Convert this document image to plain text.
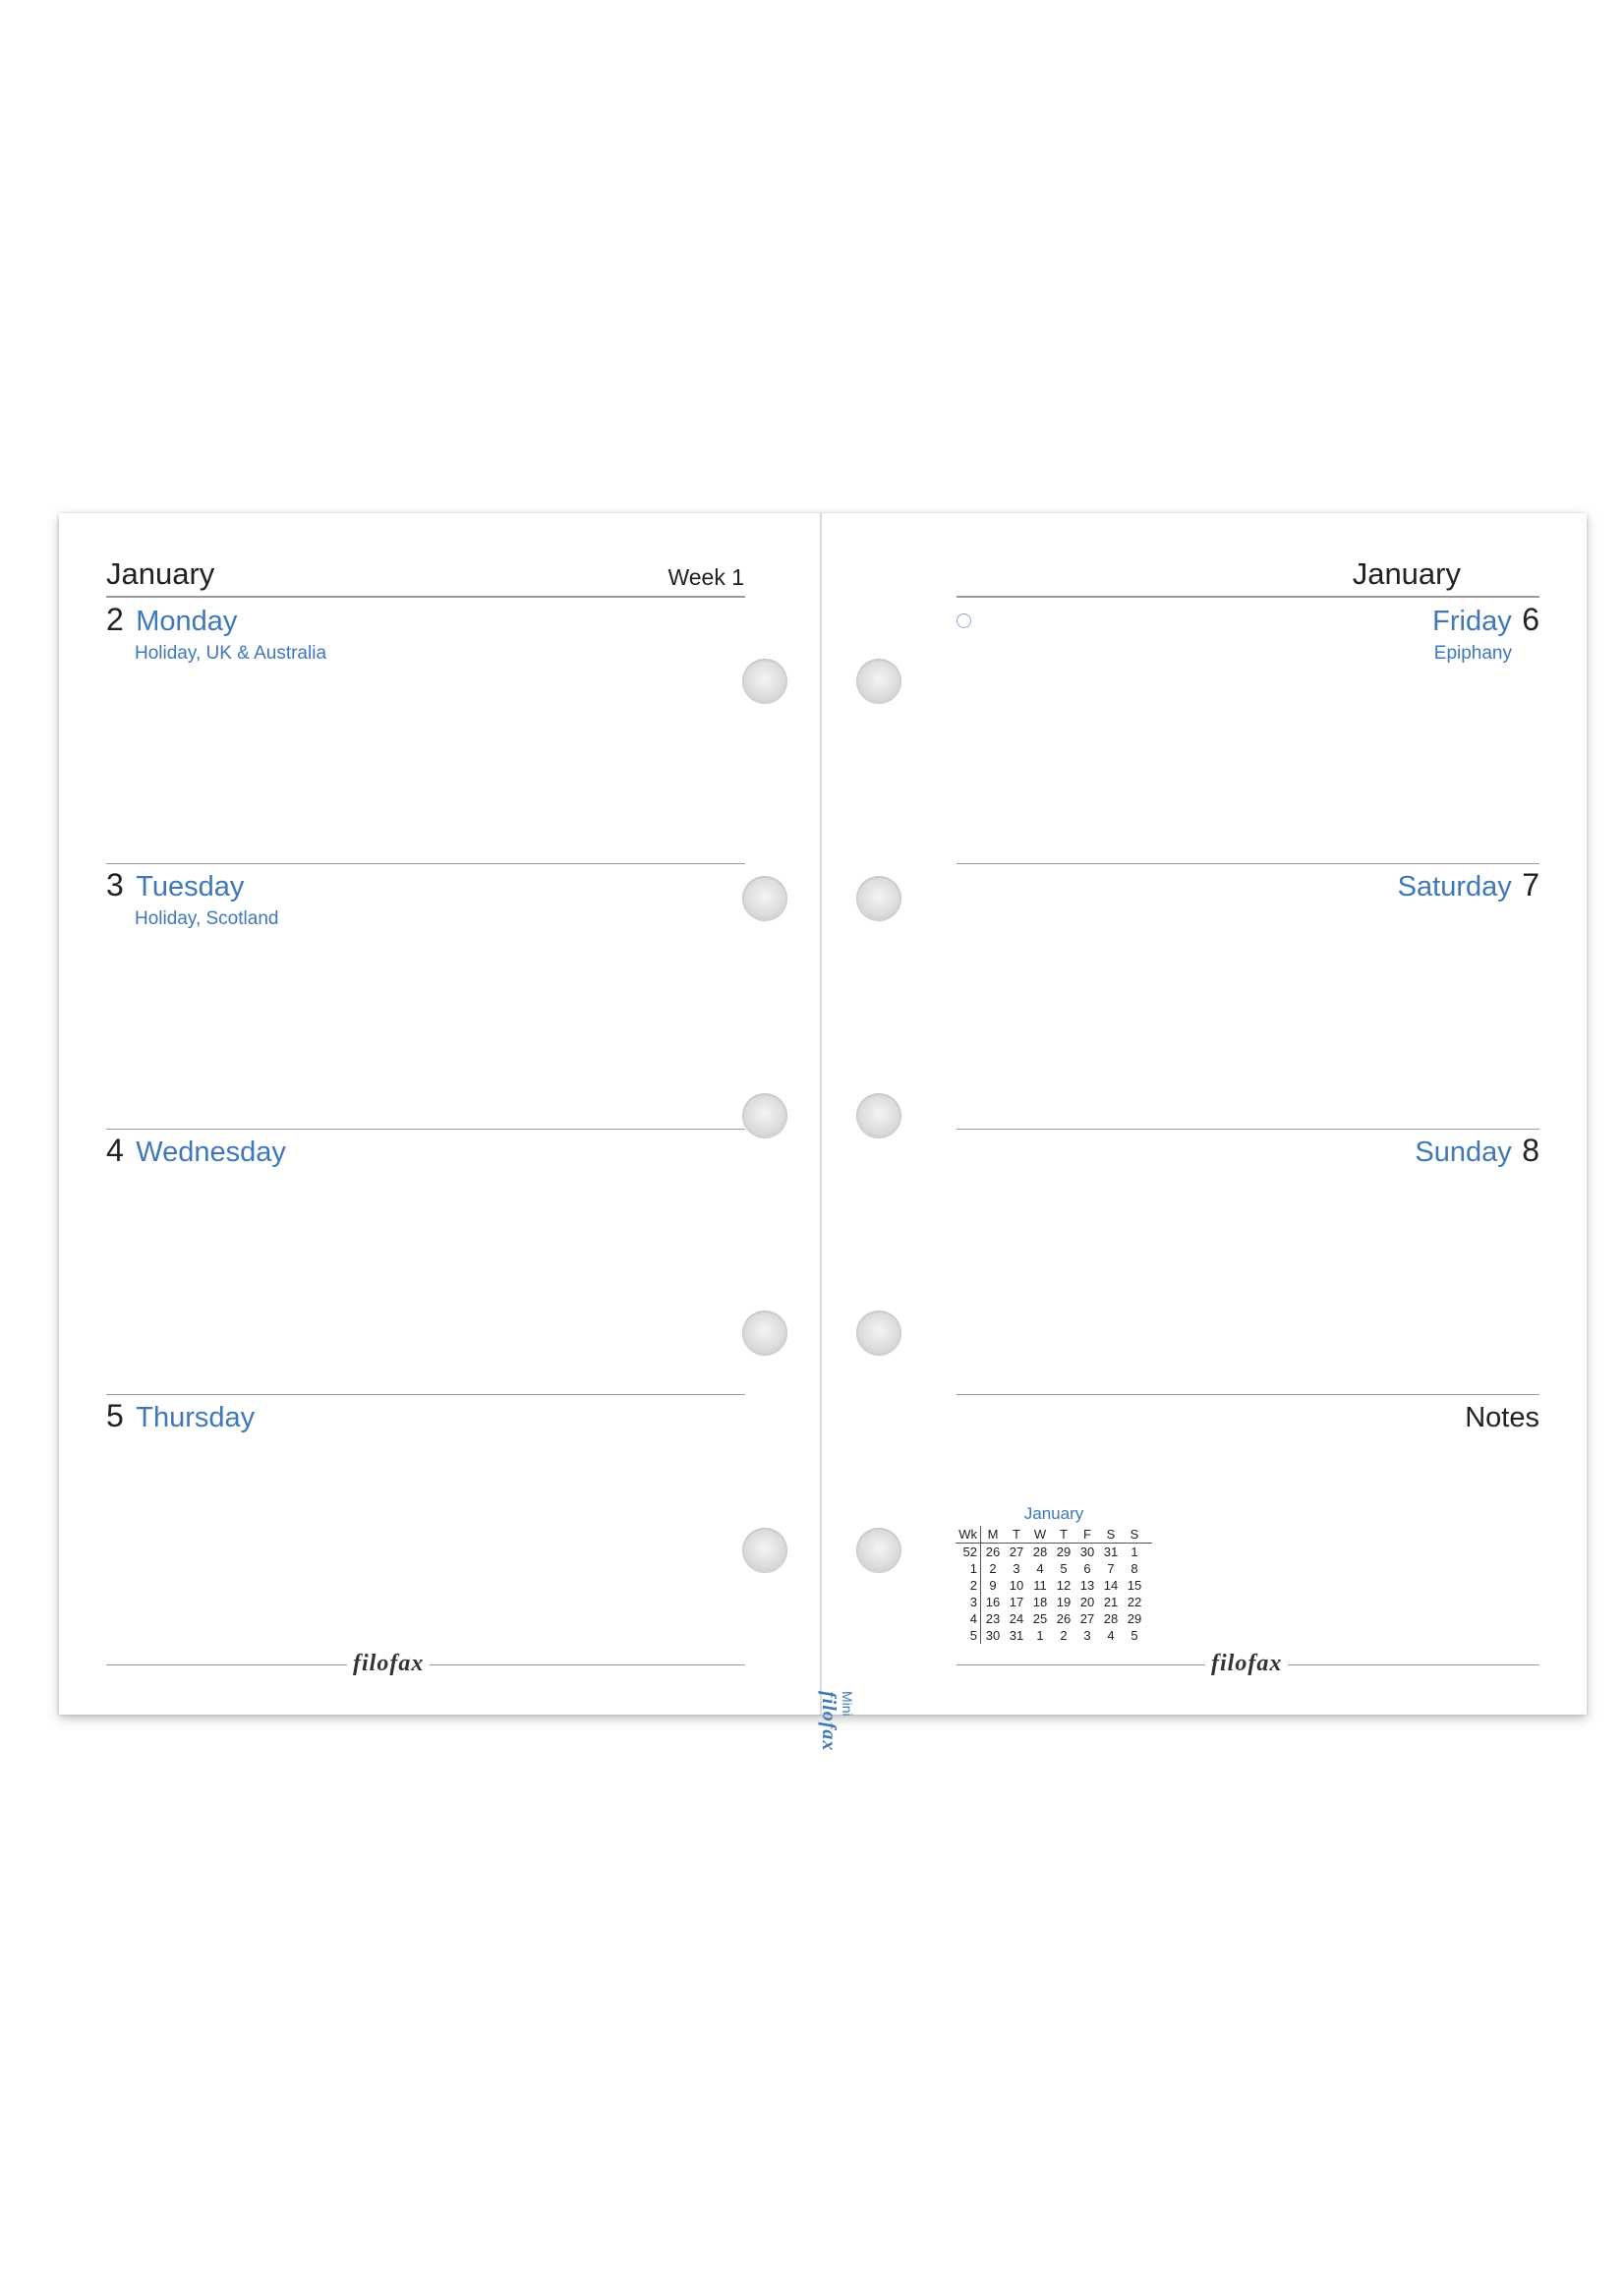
January	Week 1
2 Monday
Holiday, UK & Australia
3 Tuesday
Holiday, Scotland
4 Wednesday
5 Thursday
filofax
Mini
filofax
January
Friday 6
Epiphany
Saturday 7
Sunday 8
Notes
filofax
January
Wk M	T	W	T	F	S	S
52 26 27 28 29 30 31	1
1 2	3	4	5	6	7	8
2 9	10 11 12 13 14 15
3 16 17 18 19 20 21 22
4 23 24 25 26 27 28 29
5 30 31	1	2	3	4	5
